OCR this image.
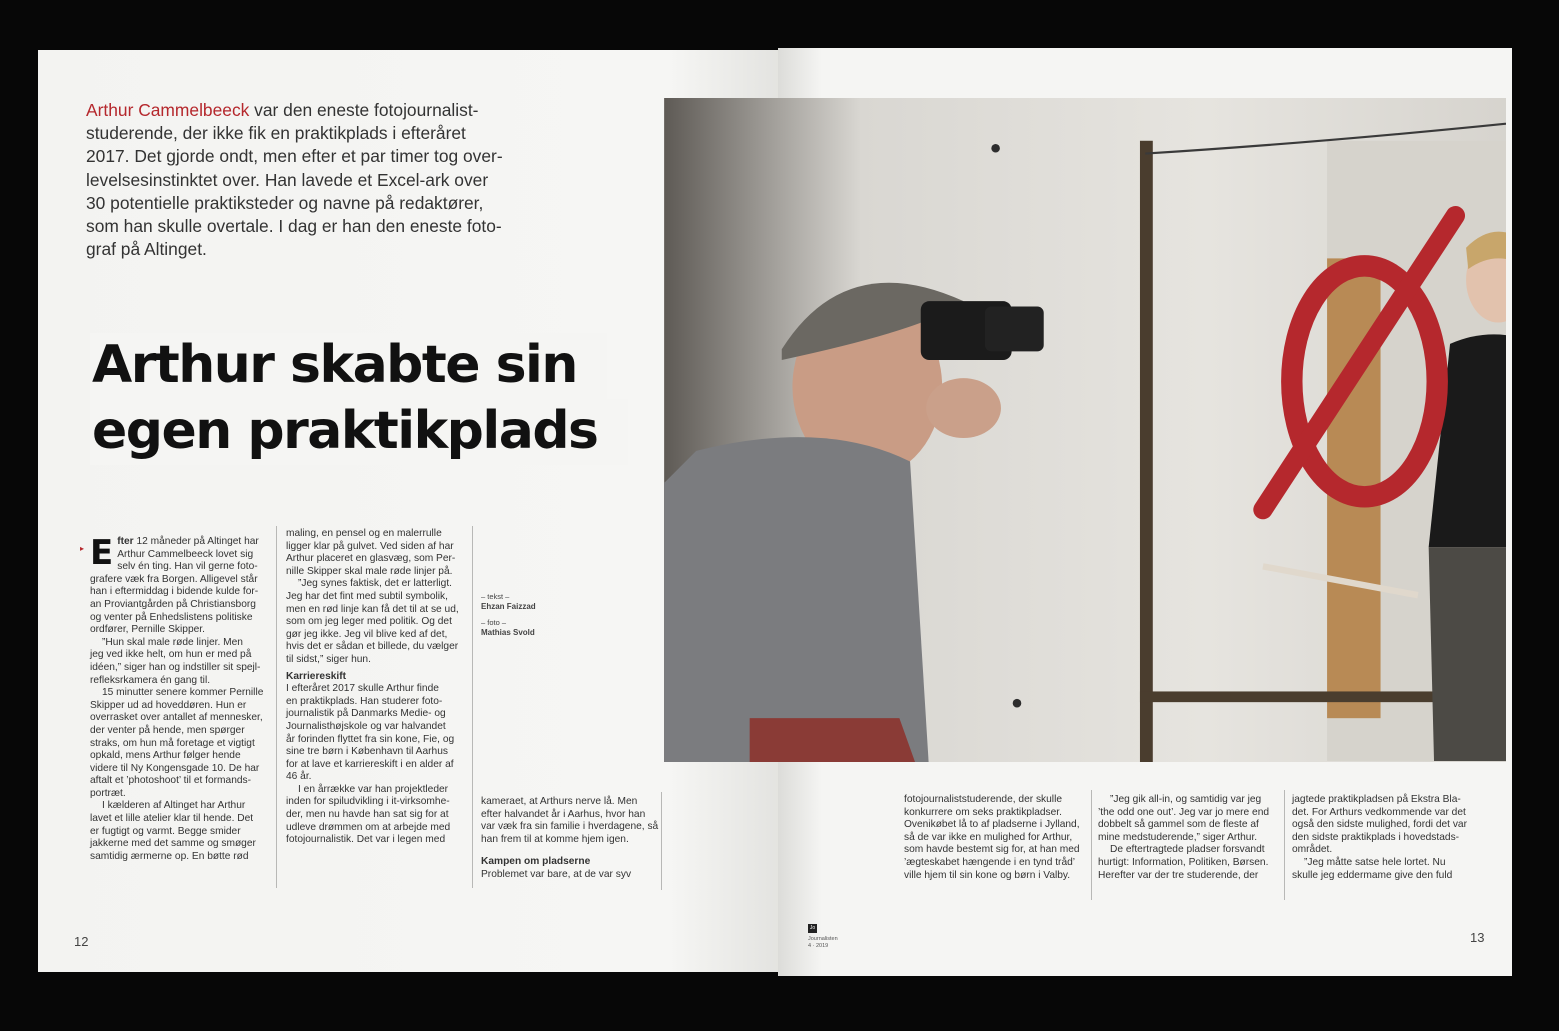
Arthur Cammelbeeck var den eneste fotojournalist-
studerende, der ikke fik en praktikplads i efteråret
2017. Det gjorde ondt, men efter et par timer tog over-
levelsesinstinktet over. Han lavede et Excel-ark over
30 potentielle praktiksteder og navne på redaktører,
som han skulle overtale. I dag er han den eneste foto-
graf på Altinget.
▸ Efter 12 måneder på Altinget har
Arthur Cammelbeeck lovet sig
selv én ting. Han vil gerne foto-
grafere væk fra Borgen. Alligevel står
han i eftermiddag i bidende kulde for-
an Proviantgården på Christiansborg
og venter på Enhedslistens politiske
ordfører, Pernille Skipper.

”Hun skal male røde linjer. Men
jeg ved ikke helt, om hun er med på
idéen,” siger han og indstiller sit spejl-
refleksrkamera én gang til.

15 minutter senere kommer Pernille
Skipper ud ad hoveddøren. Hun er
overrasket over antallet af mennesker,
der venter på hende, men spørger
straks, om hun må foretage et vigtigt
opkald, mens Arthur følger hende
videre til Ny Kongensgade 10. De har
aftalt et ’photoshoot’ til et formands-
portræt.

I kælderen af Altinget har Arthur
lavet et lille atelier klar til hende. Det
er fugtigt og varmt. Begge smider
jakkerne med det samme og smøger
samtidig ærmerne op. En bøtte rød

maling, en pensel og en malerrulle
ligger klar på gulvet. Ved siden af har
Arthur placeret en glasvæg, som Per-
nille Skipper skal male røde linjer på.

”Jeg synes faktisk, det er latterligt.
Jeg har det fint med subtil symbolik,
men en rød linje kan få det til at se ud,
som om jeg leger med politik. Og det
gør jeg ikke. Jeg vil blive ked af det,
hvis det er sådan et billede, du vælger
til sidst,” siger hun.

Karriereskift

I efteråret 2017 skulle Arthur finde
en praktikplads. Han studerer foto-
journalistik på Danmarks Medie- og
Journalisthøjskole og var halvandet
år forinden flyttet fra sin kone, Fie, og
sine tre børn i København til Aarhus
for at lave et karriereskift i en alder af
46 år.

I en årrække var han projektleder
inden for spiludvikling i it-virksomhe-
der, men nu havde han sat sig for at
udleve drømmen om at arbejde med
fotojournalistik. Det var i legen med

– tekst –
Ehzan Faizzad

– foto –
Mathias Svold

kameraet, at Arthurs nerve lå. Men
efter halvandet år i Aarhus, hvor han
var væk fra sin familie i hverdagene, så
han frem til at komme hjem igen.

Kampen om pladserne

Problemet var bare, at de var syv

12

fotojournaliststuderende, der skulle
konkurrere om seks praktikpladser.
Ovenikøbet lå to af pladserne i Jylland,
så de var ikke en mulighed for Arthur,
som havde bestemt sig for, at han med
’ægteskabet hængende i en tynd tråd’
ville hjem til sin kone og børn i Valby.

”Jeg gik all-in, og samtidig var jeg
’the odd one out’. Jeg var jo mere end
dobbelt så gammel som de fleste af
mine medstuderende,” siger Arthur.

De eftertragtede pladser forsvandt
hurtigt: Information, Politiken, Børsen.
Herefter var der tre studerende, der

jagtede praktikpladsen på Ekstra Bla-
det. For Arthurs vedkommende var det
også den sidste mulighed, fordi det var
den sidste praktikplads i hovedstads-
området.

”Jeg måtte satse hele lortet. Nu
skulle jeg eddermame give den fuld

Jo
Journalisten
4 · 2019
13
Arthur skabte sin
egen praktikplads
